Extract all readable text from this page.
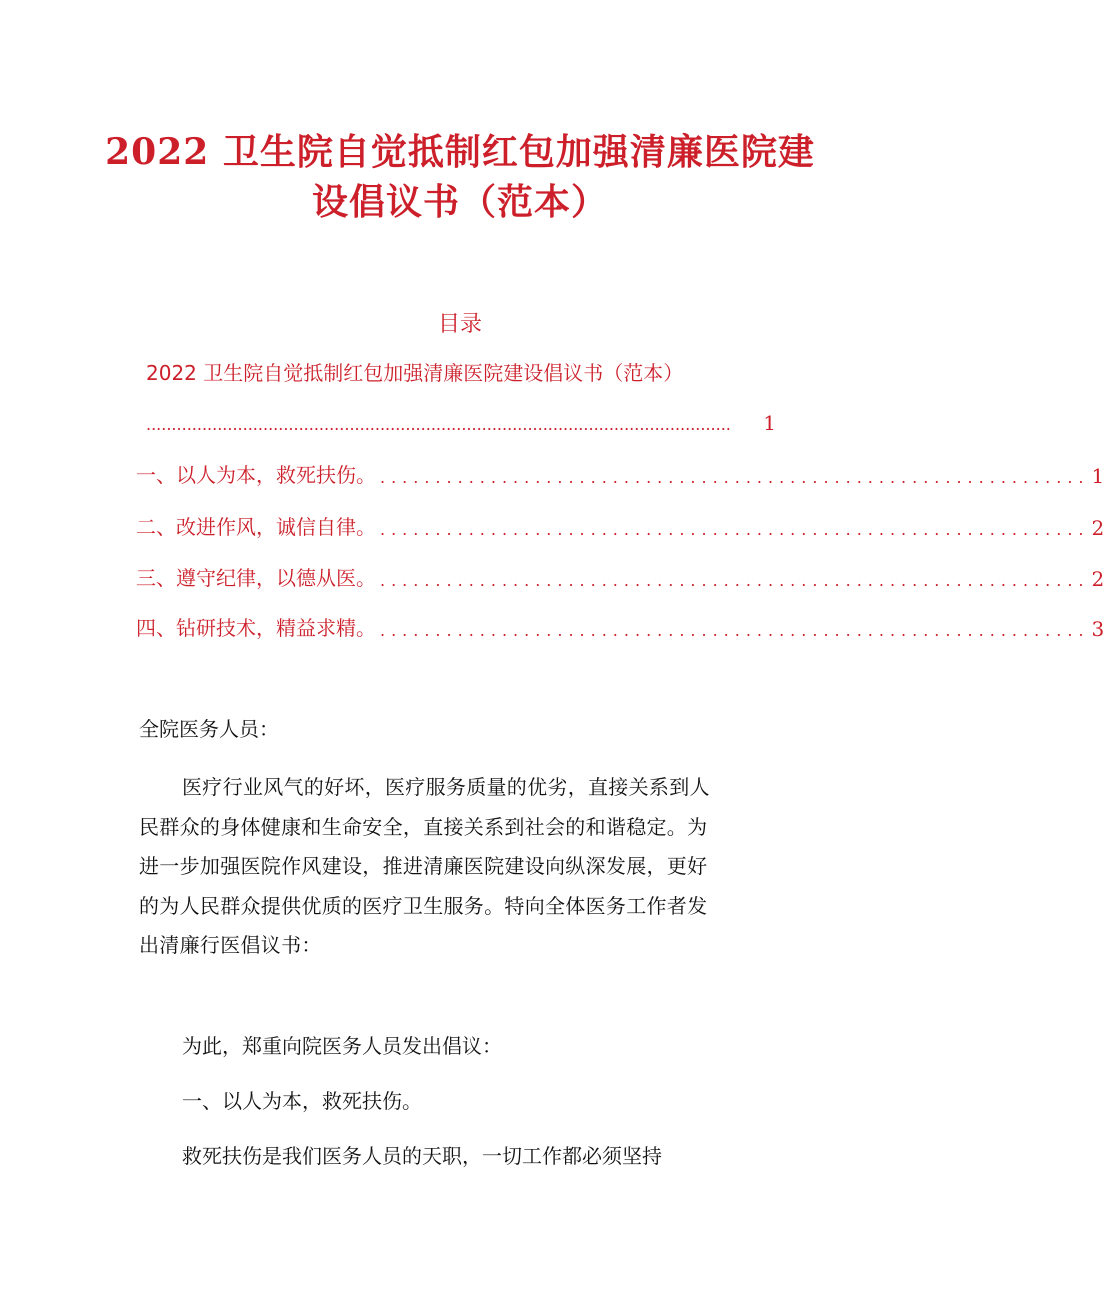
2022 卫生院自觉抵制红包加强清廉医院建
设倡议书（范本）
目录
2022 卫生院自觉抵制红包加强清廉医院建设倡议书（范本）
...................................................................................................................	1
一、以人为本，救死扶伤。 ................................................................ 1
二、改进作风，诚信自律。 ................................................................ 2
三、遵守纪律，以德从医。 ................................................................ 2
四、钻研技术，精益求精。 ................................................................ 3
全院医务人员：
医疗行业风气的好坏，医疗服务质量的优劣，直接关系到人
民群众的身体健康和生命安全，直接关系到社会的和谐稳定。为
进一步加强医院作风建设，推进清廉医院建设向纵深发展，更好
的为人民群众提供优质的医疗卫生服务。特向全体医务工作者发
出清廉行医倡议书：
为此，郑重向院医务人员发出倡议：
一、以人为本，救死扶伤。
救死扶伤是我们医务人员的天职，一切工作都必须坚持
